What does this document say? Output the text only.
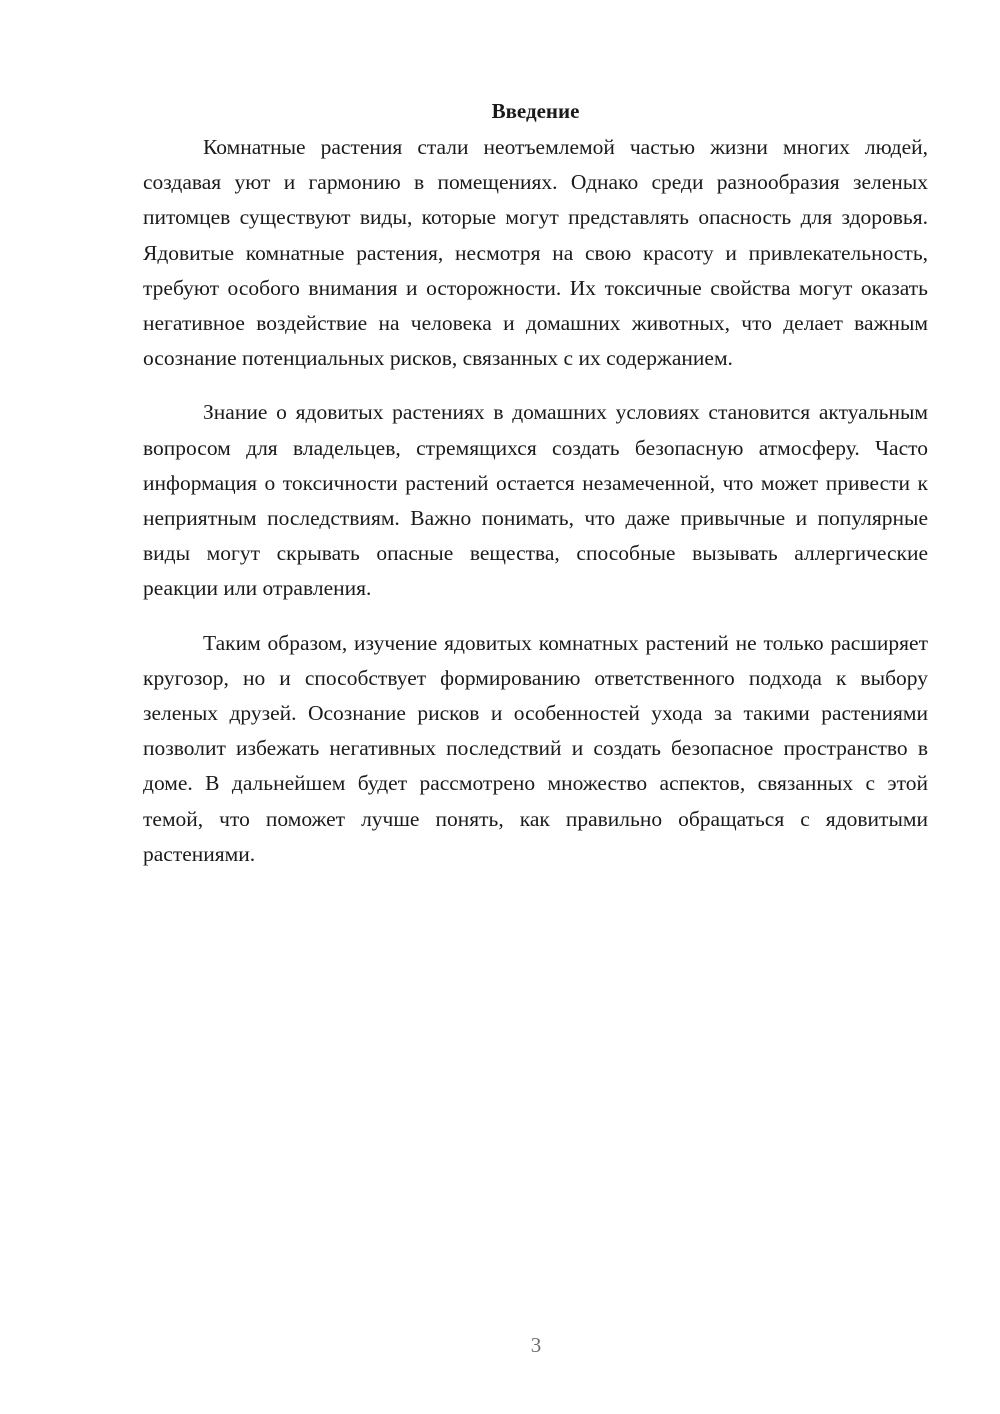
Введение

Комнатные растения стали неотъемлемой частью жизни многих людей, создавая уют и гармонию в помещениях. Однако среди разнообразия зеленых питомцев существуют виды, которые могут представлять опасность для здоровья. Ядовитые комнатные растения, несмотря на свою красоту и привлекательность, требуют особого внимания и осторожности. Их токсичные свойства могут оказать негативное воздействие на человека и домашних животных, что делает важным осознание потенциальных рисков, связанных с их содержанием.

Знание о ядовитых растениях в домашних условиях становится актуальным вопросом для владельцев, стремящихся создать безопасную атмосферу. Часто информация о токсичности растений остается незамеченной, что может привести к неприятным последствиям. Важно понимать, что даже привычные и популярные виды могут скрывать опасные вещества, способные вызывать аллергические реакции или отравления.

Таким образом, изучение ядовитых комнатных растений не только расширяет кругозор, но и способствует формированию ответственного подхода к выбору зеленых друзей. Осознание рисков и особенностей ухода за такими растениями позволит избежать негативных последствий и создать безопасное пространство в доме. В дальнейшем будет рассмотрено множество аспектов, связанных с этой темой, что поможет лучше понять, как правильно обращаться с ядовитыми растениями.

3
